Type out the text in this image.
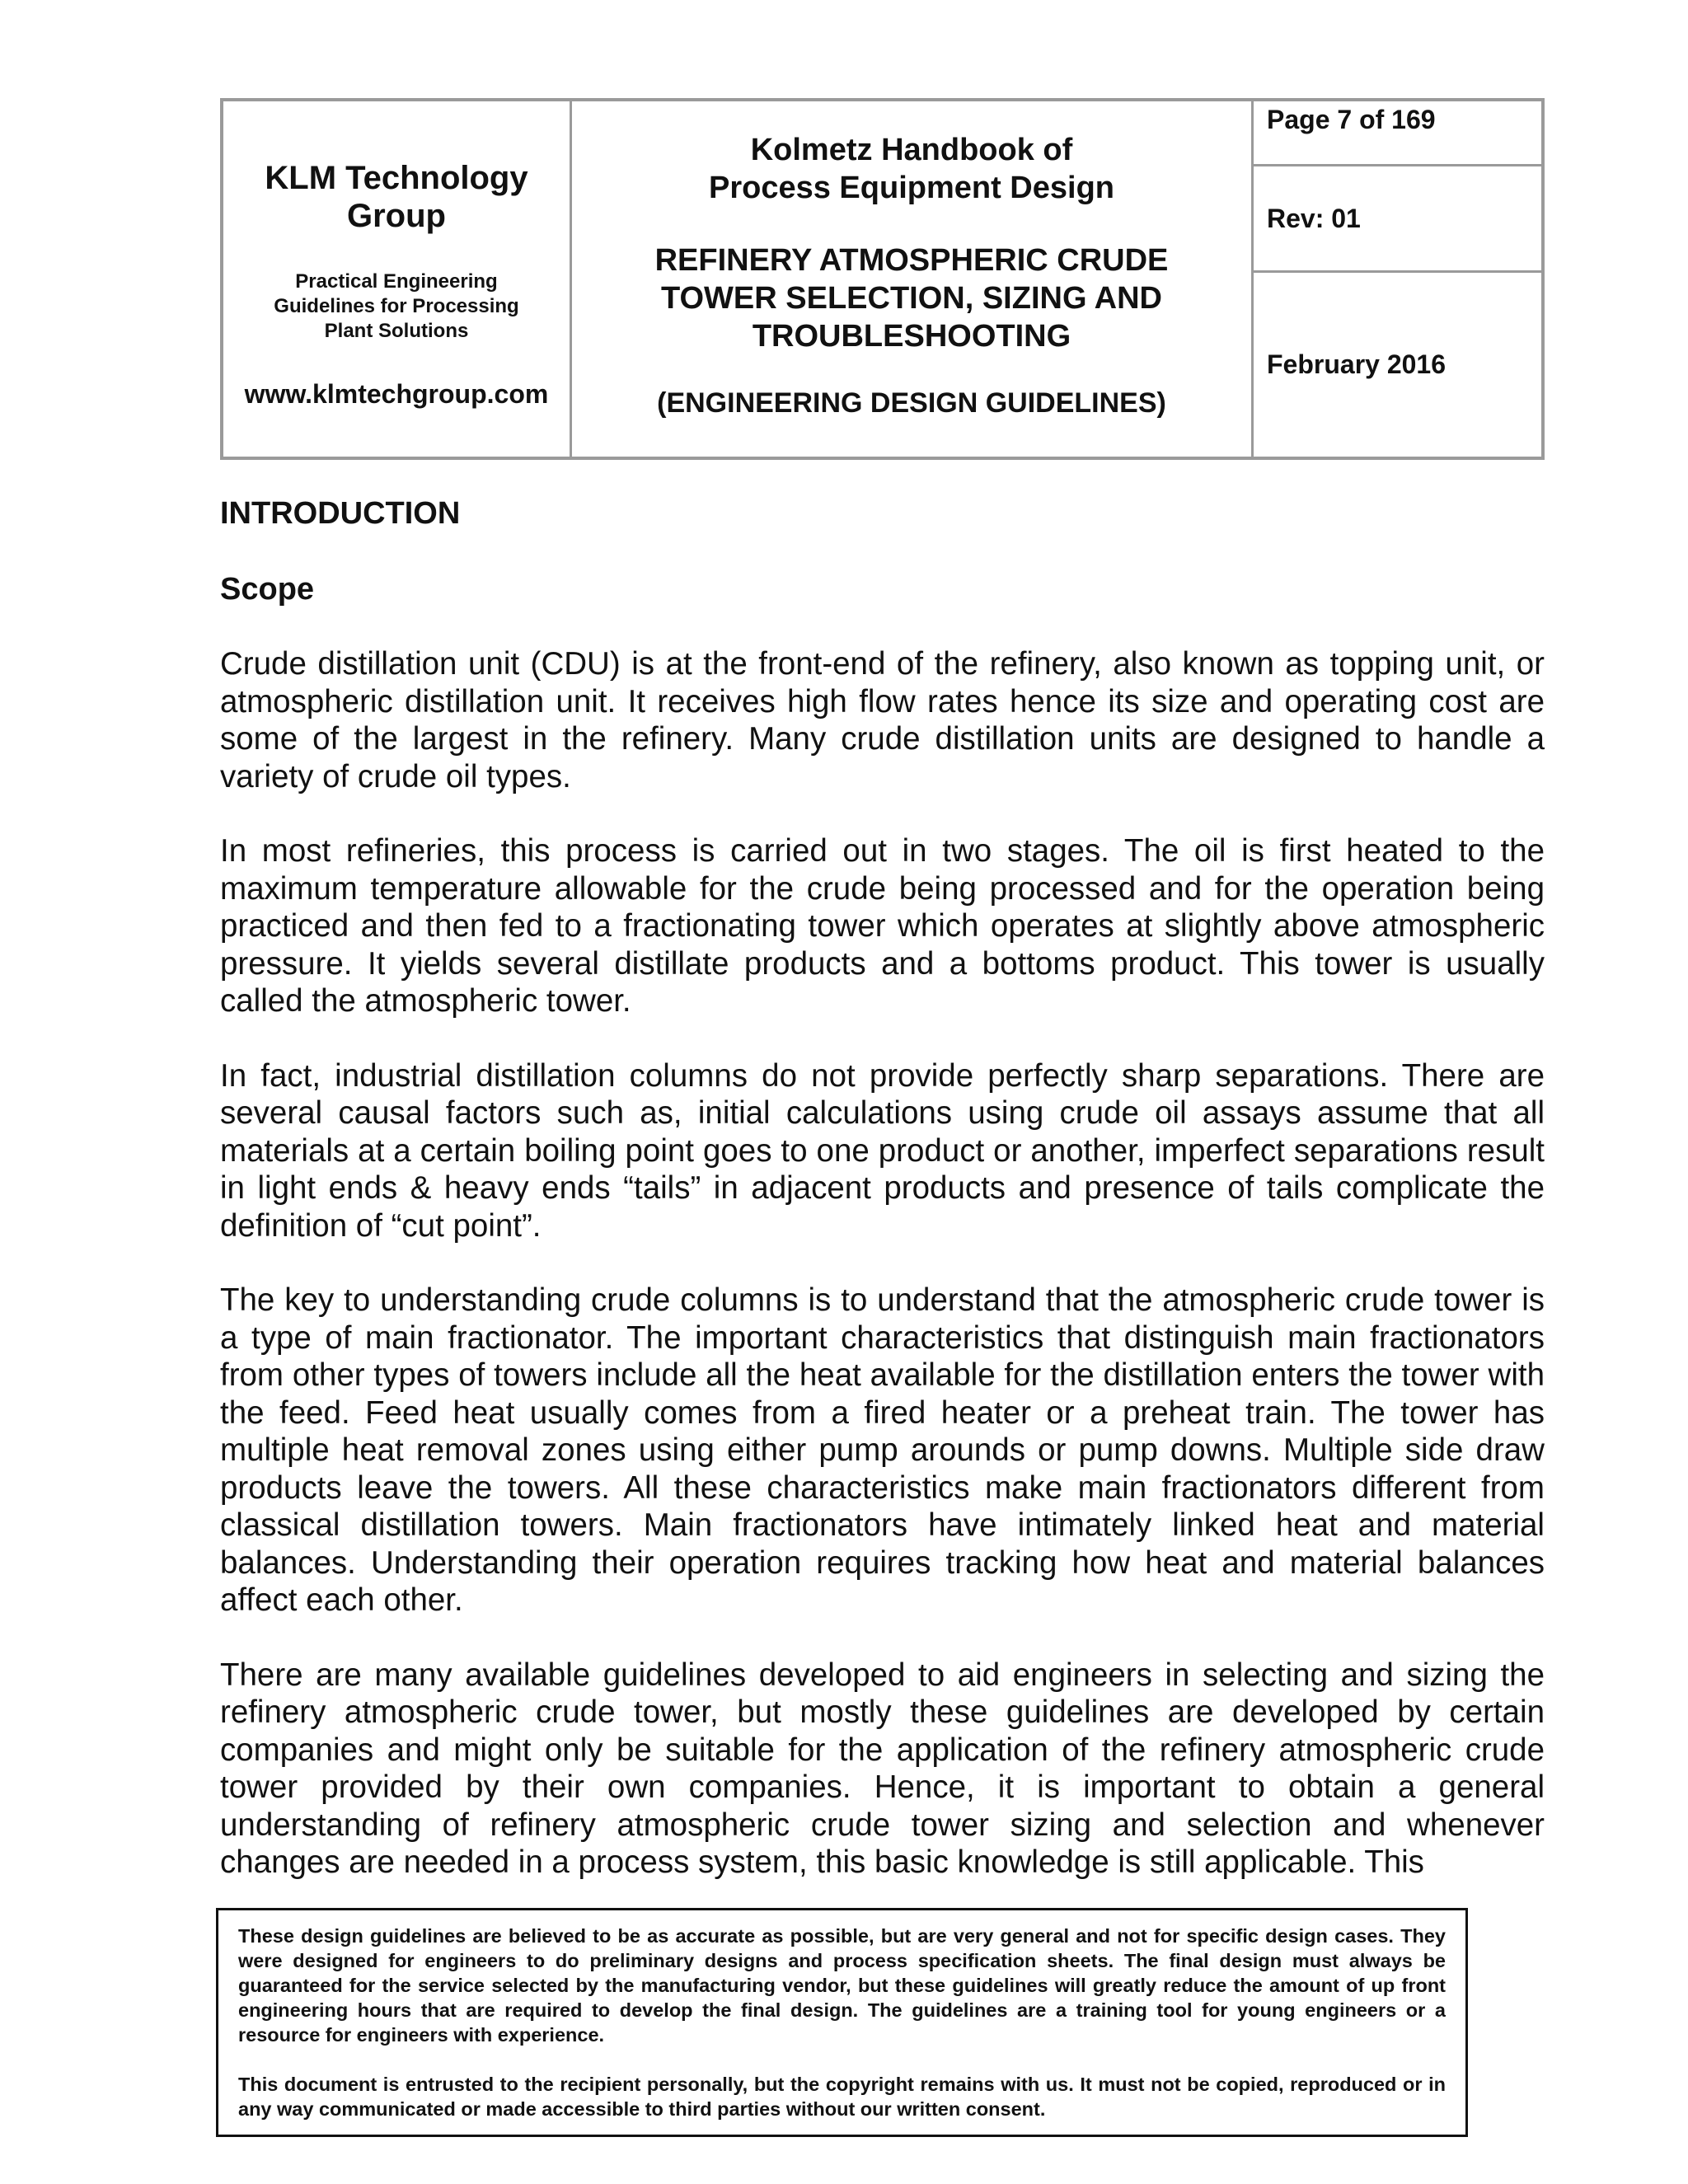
KLM Technology
Group
Practical Engineering
Guidelines for Processing
Plant Solutions
www.klmtechgroup.com
Kolmetz Handbook of
Process Equipment Design
REFINERY ATMOSPHERIC CRUDE
TOWER SELECTION, SIZING AND
TROUBLESHOOTING
(ENGINEERING DESIGN GUIDELINES)
Page 7 of 169
Rev: 01
February 2016
INTRODUCTION
Scope

Crude distillation unit (CDU) is at the front-end of the refinery, also known as topping unit, or atmospheric distillation unit. It receives high flow rates hence its size and operating cost are some of the largest in the refinery. Many crude distillation units are designed to handle a variety of crude oil types.

In most refineries, this process is carried out in two stages. The oil is first heated to the maximum temperature allowable for the crude being processed and for the operation being practiced and then fed to a fractionating tower which operates at slightly above atmospheric pressure. It yields several distillate products and a bottoms product. This tower is usually called the atmospheric tower.

In fact, industrial distillation columns do not provide perfectly sharp separations. There are several causal factors such as, initial calculations using crude oil assays assume that all materials at a certain boiling point goes to one product or another, imperfect separations result in light ends & heavy ends “tails” in adjacent products and presence of tails complicate the definition of “cut point”.

The key to understanding crude columns is to understand that the atmospheric crude tower is a type of main fractionator. The important characteristics that distinguish main fractionators from other types of towers include all the heat available for the distillation enters the tower with the feed. Feed heat usually comes from a fired heater or a preheat train. The tower has multiple heat removal zones using either pump arounds or pump downs. Multiple side draw products leave the towers. All these characteristics make main fractionators different from classical distillation towers. Main fractionators have intimately linked heat and material balances. Understanding their operation requires tracking how heat and material balances affect each other.

There are many available guidelines developed to aid engineers in selecting and sizing the refinery atmospheric crude tower, but mostly these guidelines are developed by certain companies and might only be suitable for the application of the refinery atmospheric crude tower provided by their own companies. Hence, it is important to obtain a general understanding of refinery atmospheric crude tower sizing and selection and whenever changes are needed in a process system, this basic knowledge is still applicable. This

These design guidelines are believed to be as accurate as possible, but are very general and not for specific design cases. They were designed for engineers to do preliminary designs and process specification sheets. The final design must always be guaranteed for the service selected by the manufacturing vendor, but these guidelines will greatly reduce the amount of up front engineering hours that are required to develop the final design. The guidelines are a training tool for young engineers or a resource for engineers with experience.

This document is entrusted to the recipient personally, but the copyright remains with us. It must not be copied, reproduced or in any way communicated or made accessible to third parties without our written consent.
